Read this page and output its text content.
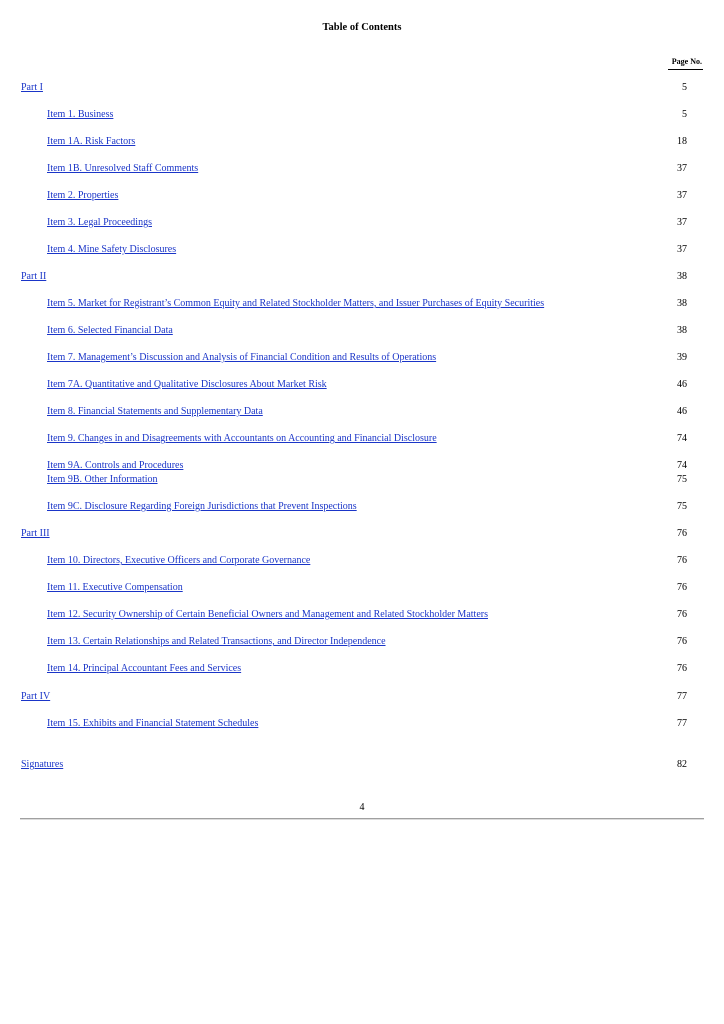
Table of Contents
Page No.
Part I	5
Item 1. Business	5
Item 1A. Risk Factors	18
Item 1B. Unresolved Staff Comments	37
Item 2. Properties	37
Item 3. Legal Proceedings	37
Item 4. Mine Safety Disclosures	37
Part II	38
Item 5. Market for Registrant’s Common Equity and Related Stockholder Matters, and Issuer Purchases of Equity Securities	38
Item 6. Selected Financial Data	38
Item 7. Management’s Discussion and Analysis of Financial Condition and Results of Operations	39
Item 7A. Quantitative and Qualitative Disclosures About Market Risk	46
Item 8. Financial Statements and Supplementary Data	46
Item 9. Changes in and Disagreements with Accountants on Accounting and Financial Disclosure	74
Item 9A. Controls and Procedures	74
Item 9B. Other Information	75
Item 9C. Disclosure Regarding Foreign Jurisdictions that Prevent Inspections	75
Part III	76
Item 10. Directors, Executive Officers and Corporate Governance	76
Item 11. Executive Compensation	76
Item 12. Security Ownership of Certain Beneficial Owners and Management and Related Stockholder Matters	76
Item 13. Certain Relationships and Related Transactions, and Director Independence	76
Item 14. Principal Accountant Fees and Services	76
Part IV	77
Item 15. Exhibits and Financial Statement Schedules	77
Signatures	82
4
